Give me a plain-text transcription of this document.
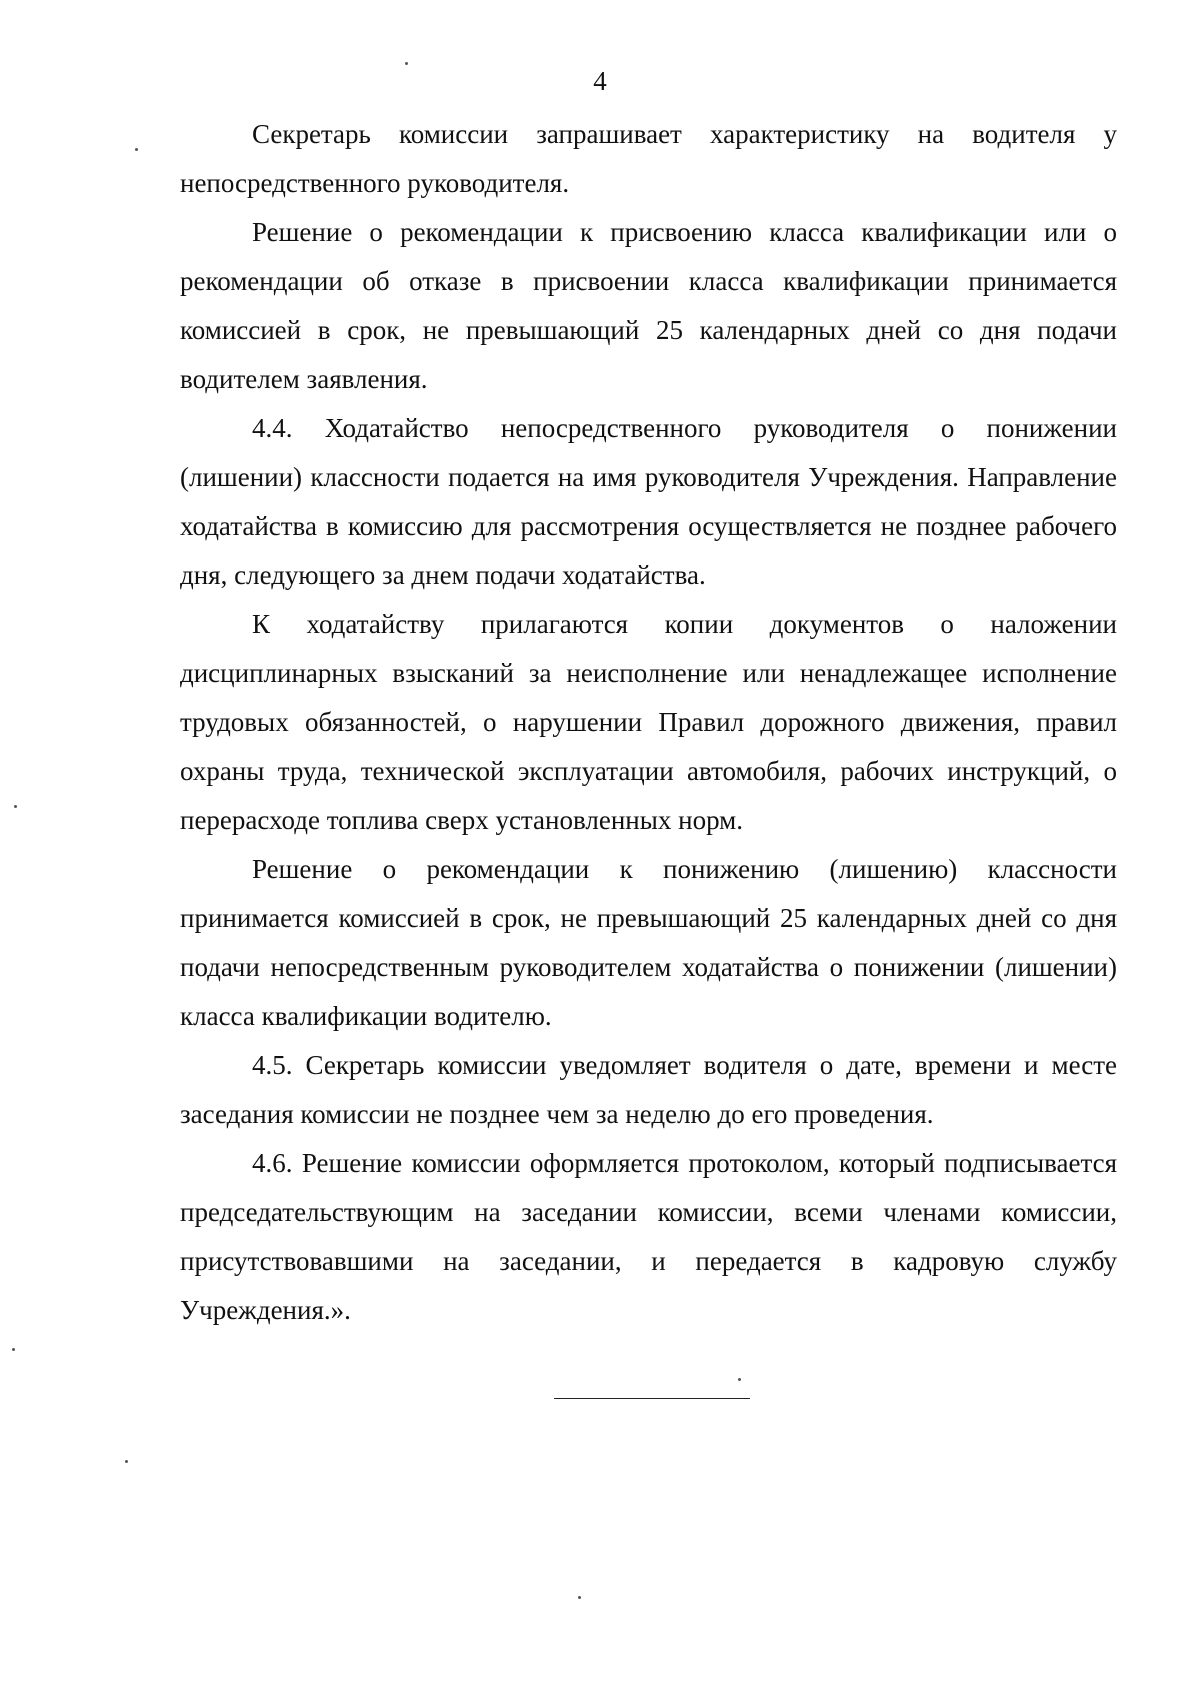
4

Секретарь комиссии запрашивает характеристику на водителя у непосредственного руководителя.

Решение о рекомендации к присвоению класса квалификации или о рекомендации об отказе в присвоении класса квалификации принимается комиссией в срок, не превышающий 25 календарных дней со дня подачи водителем заявления.

4.4. Ходатайство непосредственного руководителя о понижении (лишении) классности подается на имя руководителя Учреждения. Направление ходатайства в комиссию для рассмотрения осуществляется не позднее рабочего дня, следующего за днем подачи ходатайства.

К ходатайству прилагаются копии документов о наложении дисциплинарных взысканий за неисполнение или ненадлежащее исполнение трудовых обязанностей, о нарушении Правил дорожного движения, правил охраны труда, технической эксплуатации автомобиля, рабочих инструкций, о перерасходе топлива сверх установленных норм.

Решение о рекомендации к понижению (лишению) классности принимается комиссией в срок, не превышающий 25 календарных дней со дня подачи непосредственным руководителем ходатайства о понижении (лишении) класса квалификации водителю.

4.5. Секретарь комиссии уведомляет водителя о дате, времени и месте заседания комиссии не позднее чем за неделю до его проведения.

4.6. Решение комиссии оформляется протоколом, который подписывается председательствующим на заседании комиссии, всеми членами комиссии, присутствовавшими на заседании, и передается в кадровую службу Учреждения.».
